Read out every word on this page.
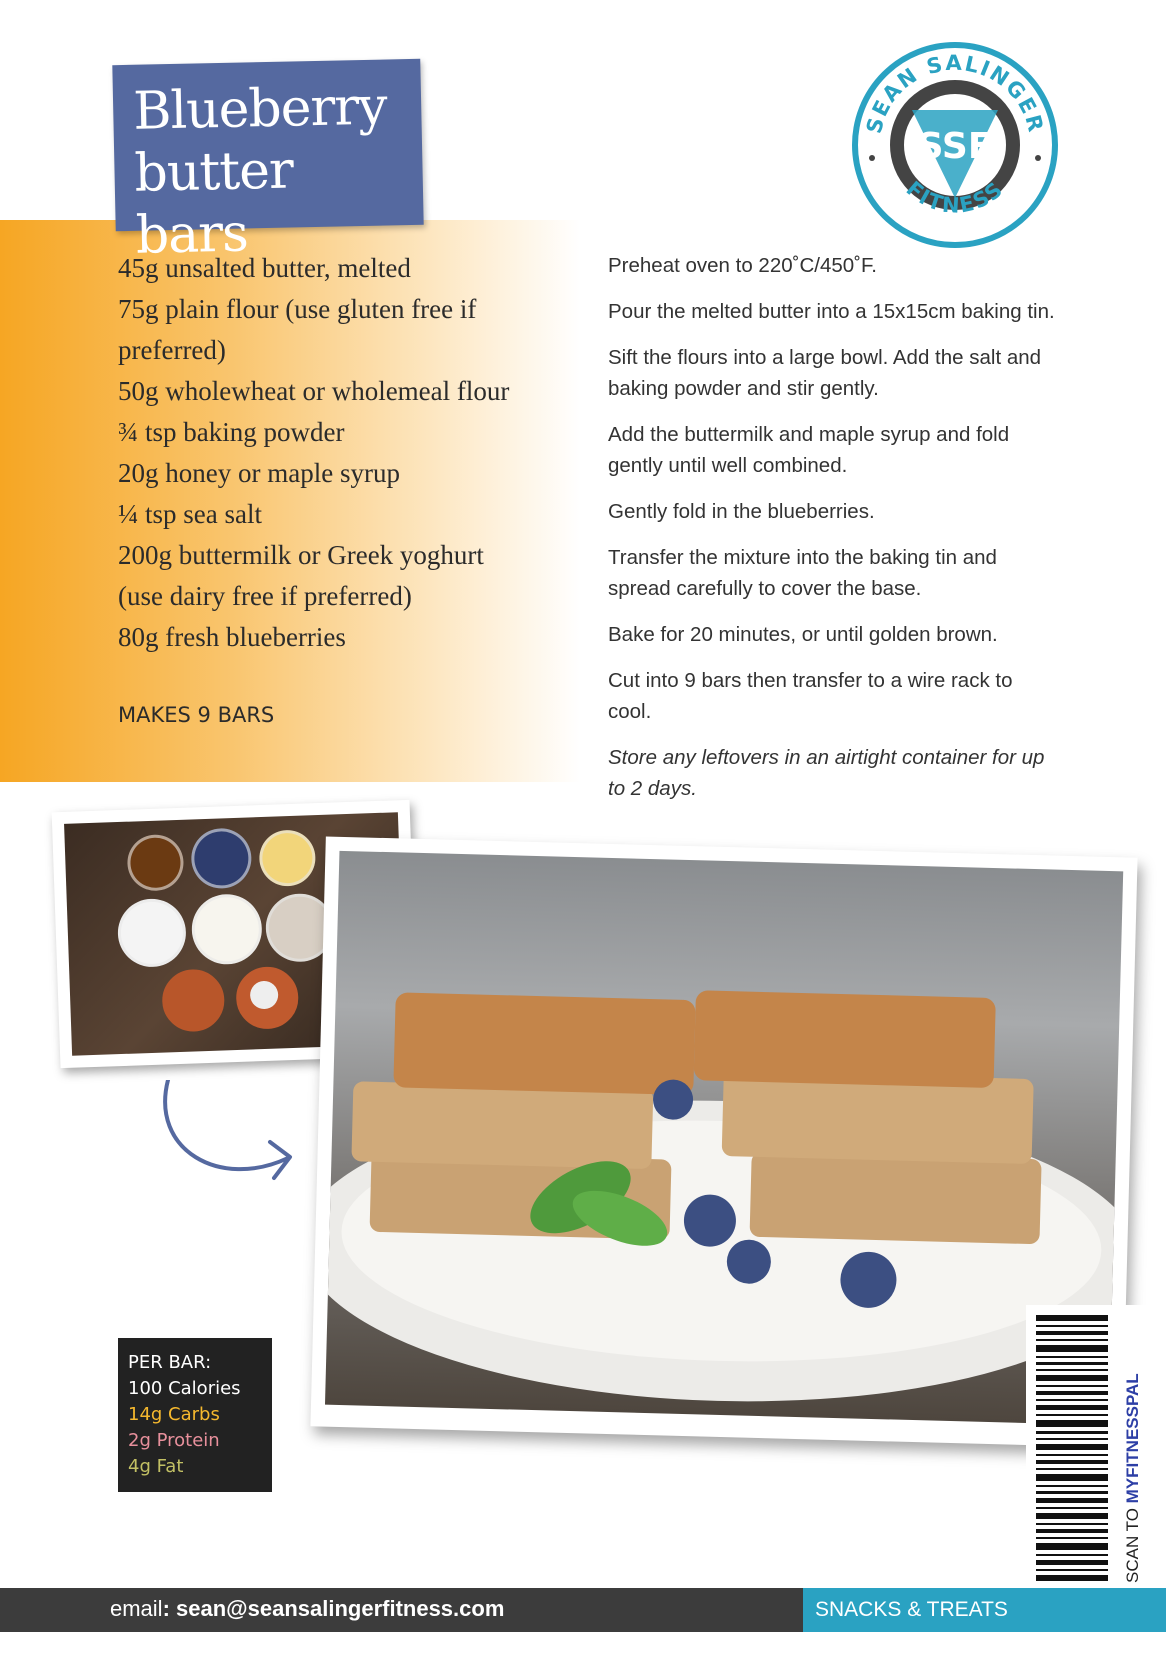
Blueberry butter bars
45g unsalted butter, melted
75g plain flour (use gluten free if
preferred)
50g wholewheat or wholemeal flour
¾ tsp baking powder
20g honey or maple syrup
¼ tsp sea salt
200g buttermilk or Greek yoghurt
(use dairy free if preferred)
80g fresh blueberries
MAKES 9 BARS

Preheat oven to 220˚C/450˚F.

Pour the melted butter into a 15x15cm baking tin.

Sift the flours into a large bowl. Add the salt and baking powder and stir gently.

Add the buttermilk and maple syrup and fold gently until well combined.

Gently fold in the blueberries.

Transfer the mixture into the baking tin and spread carefully to cover the base.

Bake for 20 minutes, or until golden brown.

Cut into 9 bars then transfer to a wire rack to cool.

Store any leftovers in an airtight container for up to 2 days.

SSF
SEAN SALINGER
FITNESS
PER BAR:
100 Calories
14g Carbs
2g Protein
4g Fat
SCAN TO MYFITNESSPAL
email: sean@seansalingerfitness.com	SNACKS & TREATS
